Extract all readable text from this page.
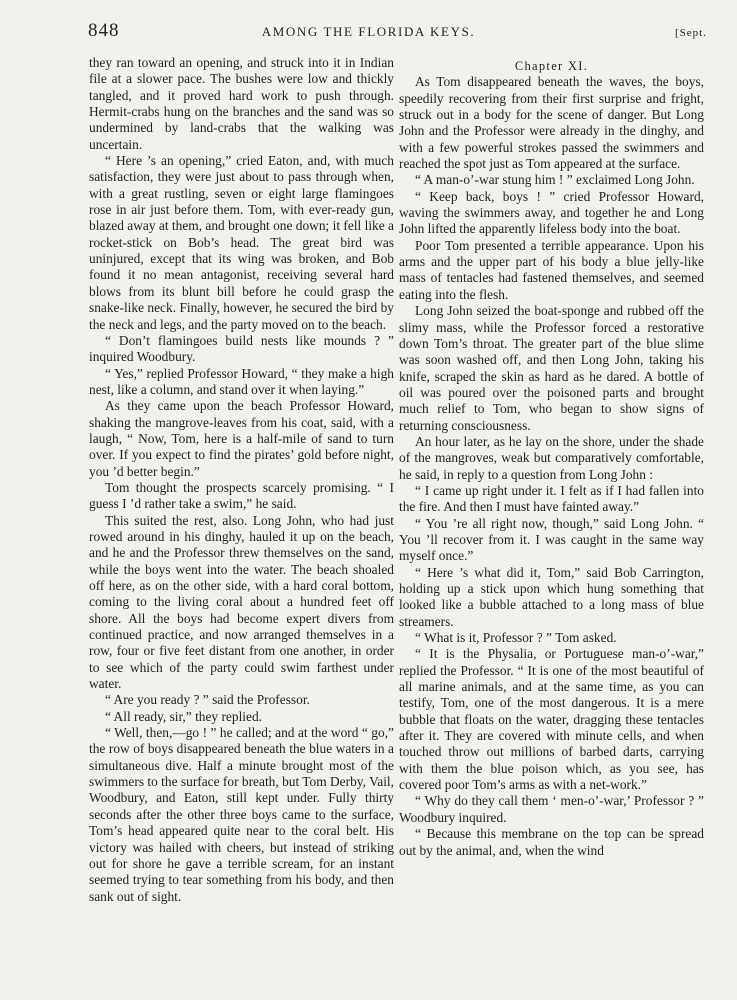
848	AMONG THE FLORIDA KEYS.	[Sept.

they ran toward an opening, and struck into it in Indian file at a slower pace. The bushes were low and thickly tangled, and it proved hard work to push through. Hermit-crabs hung on the branches and the sand was so undermined by land-crabs that the walking was uncertain.

“ Here ’s an opening,” cried Eaton, and, with much satisfaction, they were just about to pass through when, with a great rustling, seven or eight large flamingoes rose in air just before them. Tom, with ever-ready gun, blazed away at them, and brought one down; it fell like a rocket-stick on Bob’s head. The great bird was uninjured, except that its wing was broken, and Bob found it no mean antagonist, receiving several hard blows from its blunt bill before he could grasp the snake-like neck. Finally, however, he secured the bird by the neck and legs, and the party moved on to the beach.

“ Don’t flamingoes build nests like mounds ? ” inquired Woodbury.

“ Yes,” replied Professor Howard, “ they make a high nest, like a column, and stand over it when laying.”

As they came upon the beach Professor Howard, shaking the mangrove-leaves from his coat, said, with a laugh, “ Now, Tom, here is a half-mile of sand to turn over. If you expect to find the pirates’ gold before night, you ’d better begin.”

Tom thought the prospects scarcely promising. “ I guess I ’d rather take a swim,” he said.

This suited the rest, also. Long John, who had just rowed around in his dinghy, hauled it up on the beach, and he and the Professor threw themselves on the sand, while the boys went into the water. The beach shoaled off here, as on the other side, with a hard coral bottom, coming to the living coral about a hundred feet off shore. All the boys had become expert divers from continued practice, and now arranged themselves in a row, four or five feet distant from one another, in order to see which of the party could swim farthest under water.

“ Are you ready ? ” said the Professor.

“ All ready, sir,” they replied.

“ Well, then,—go ! ” he called; and at the word “ go,” the row of boys disappeared beneath the blue waters in a simultaneous dive. Half a minute brought most of the swimmers to the surface for breath, but Tom Derby, Vail, Woodbury, and Eaton, still kept under. Fully thirty seconds after the other three boys came to the surface, Tom’s head appeared quite near to the coral belt. His victory was hailed with cheers, but instead of striking out for shore he gave a terrible scream, for an instant seemed trying to tear something from his body, and then sank out of sight.

Chapter XI.

As Tom disappeared beneath the waves, the boys, speedily recovering from their first surprise and fright, struck out in a body for the scene of danger. But Long John and the Professor were already in the dinghy, and with a few powerful strokes passed the swimmers and reached the spot just as Tom appeared at the surface.

“ A man-o’-war stung him ! ” exclaimed Long John.

“ Keep back, boys ! ” cried Professor Howard, waving the swimmers away, and together he and Long John lifted the apparently lifeless body into the boat.

Poor Tom presented a terrible appearance. Upon his arms and the upper part of his body a blue jelly-like mass of tentacles had fastened themselves, and seemed eating into the flesh.

Long John seized the boat-sponge and rubbed off the slimy mass, while the Professor forced a restorative down Tom’s throat. The greater part of the blue slime was soon washed off, and then Long John, taking his knife, scraped the skin as hard as he dared. A bottle of oil was poured over the poisoned parts and brought much relief to Tom, who began to show signs of returning consciousness.

An hour later, as he lay on the shore, under the shade of the mangroves, weak but comparatively comfortable, he said, in reply to a question from Long John :

“ I came up right under it. I felt as if I had fallen into the fire. And then I must have fainted away.”

“ You ’re all right now, though,” said Long John. “ You ’ll recover from it. I was caught in the same way myself once.”

“ Here ’s what did it, Tom,” said Bob Carrington, holding up a stick upon which hung something that looked like a bubble attached to a long mass of blue streamers.

“ What is it, Professor ? ” Tom asked.

“ It is the Physalia, or Portuguese man-o’-war,” replied the Professor. “ It is one of the most beautiful of all marine animals, and at the same time, as you can testify, Tom, one of the most dangerous. It is a mere bubble that floats on the water, dragging these tentacles after it. They are covered with minute cells, and when touched throw out millions of barbed darts, carrying with them the blue poison which, as you see, has covered poor Tom’s arms as with a net-work.”

“ Why do they call them ‘ men-o’-war,’ Professor ? ” Woodbury inquired.

“ Because this membrane on the top can be spread out by the animal, and, when the wind
